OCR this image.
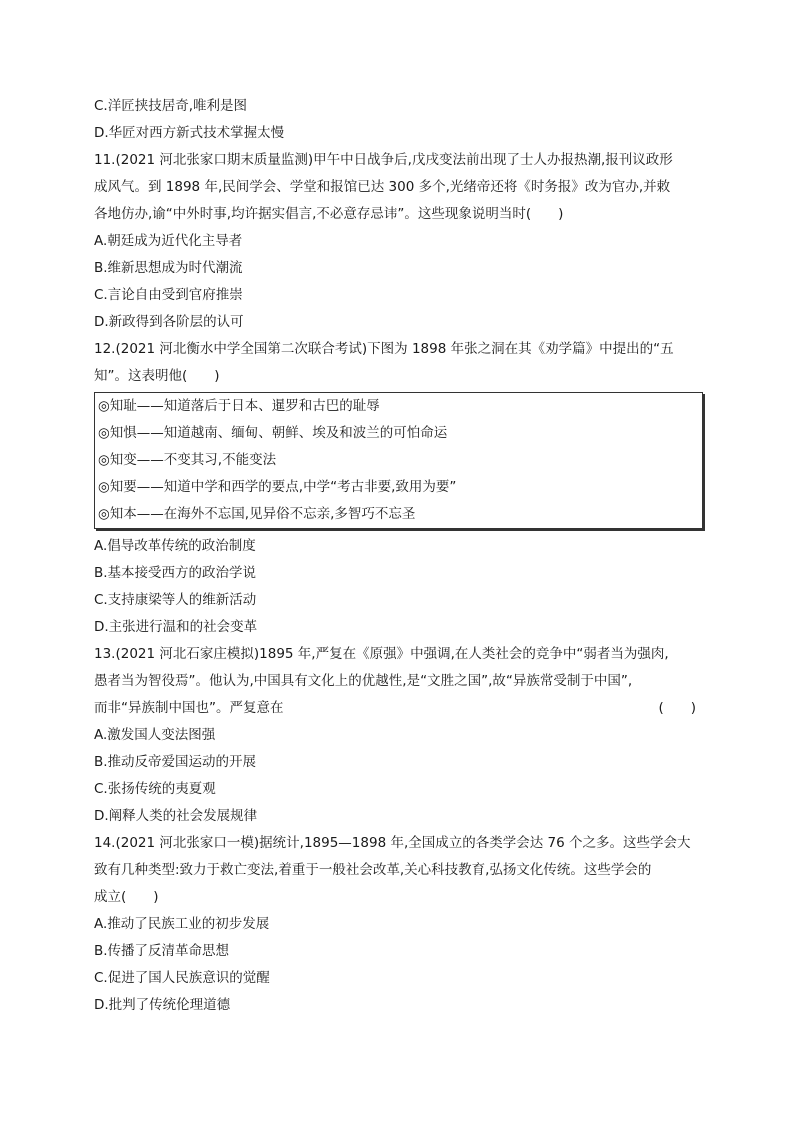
C.洋匠挟技居奇,唯利是图
D.华匠对西方新式技术掌握太慢
11.(2021 河北张家口期末质量监测)甲午中日战争后,戊戌变法前出现了士人办报热潮,报刊议政形
成风气。到 1898 年,民间学会、学堂和报馆已达 300 多个,光绪帝还将《时务报》改为官办,并敕
各地仿办,谕“中外时事,均许据实倡言,不必意存忌讳”。这些现象说明当时(　　)
A.朝廷成为近代化主导者
B.维新思想成为时代潮流
C.言论自由受到官府推崇
D.新政得到各阶层的认可
12.(2021 河北衡水中学全国第二次联合考试)下图为 1898 年张之洞在其《劝学篇》中提出的“五
知”。这表明他(　　)
◎知耻——知道落后于日本、暹罗和古巴的耻辱
◎知惧——知道越南、缅甸、朝鲜、埃及和波兰的可怕命运
◎知变——不变其习,不能变法
◎知要——知道中学和西学的要点,中学“考古非要,致用为要”
◎知本——在海外不忘国,见异俗不忘亲,多智巧不忘圣
A.倡导改革传统的政治制度
B.基本接受西方的政治学说
C.支持康梁等人的维新活动
D.主张进行温和的社会变革
13.(2021 河北石家庄模拟)1895 年,严复在《原强》中强调,在人类社会的竞争中“弱者当为强肉,
愚者当为智役焉”。他认为,中国具有文化上的优越性,是“文胜之国”,故“异族常受制于中国”,
而非“异族制中国也”。严复意在	(　　)
A.激发国人变法图强
B.推动反帝爱国运动的开展
C.张扬传统的夷夏观
D.阐释人类的社会发展规律
14.(2021 河北张家口一模)据统计,1895—1898 年,全国成立的各类学会达 76 个之多。这些学会大
致有几种类型:致力于救亡变法,着重于一般社会改革,关心科技教育,弘扬文化传统。这些学会的
成立(　　)
A.推动了民族工业的初步发展
B.传播了反清革命思想
C.促进了国人民族意识的觉醒
D.批判了传统伦理道德
